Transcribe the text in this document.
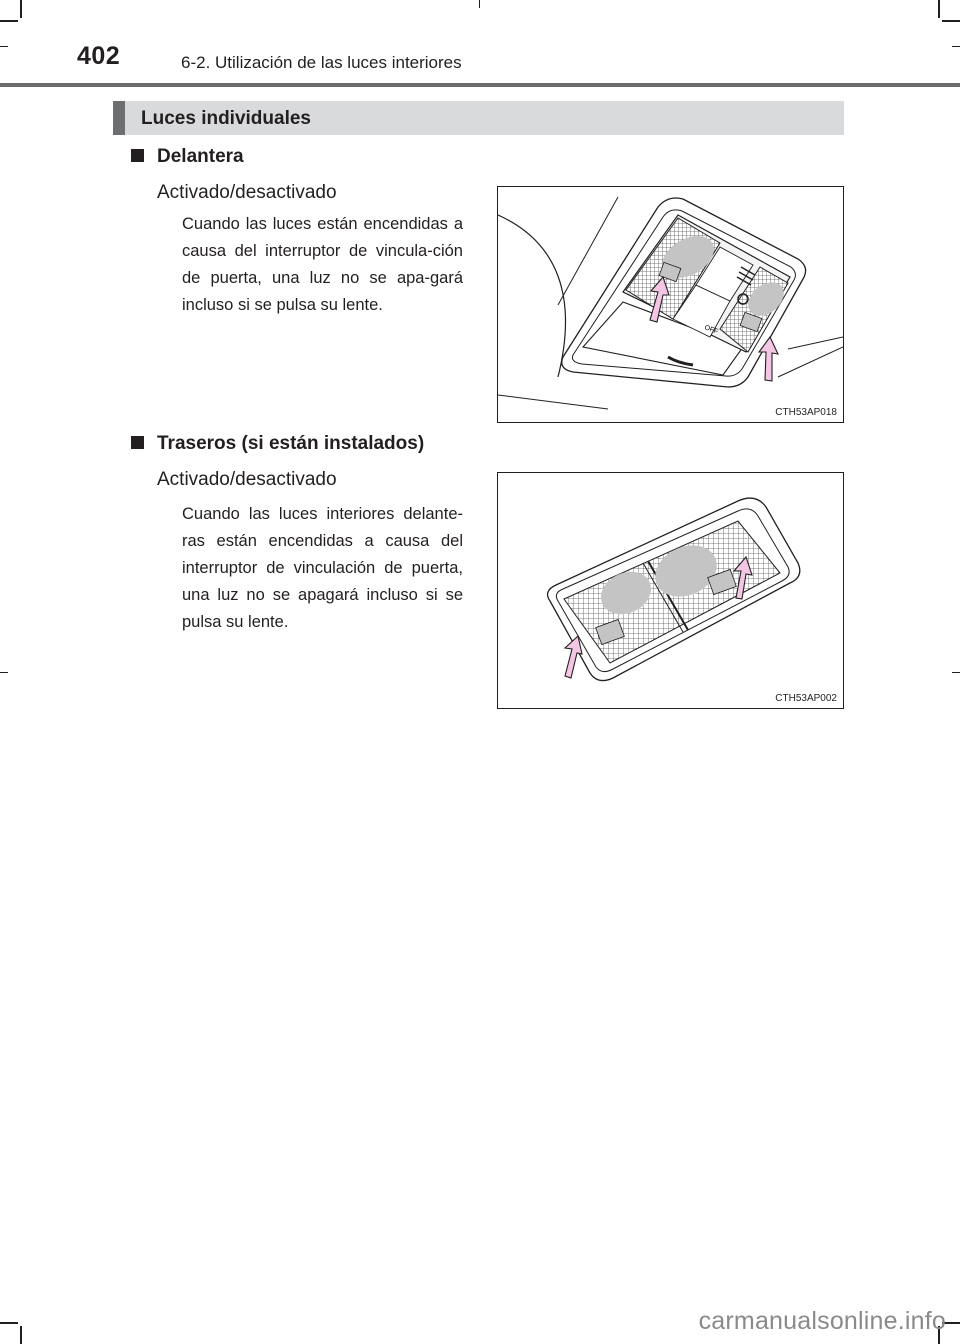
402	6-2. Utilización de las luces interiores
Luces individuales
Delantera
Activado/desactivado
Cuando las luces están encendidas a causa del interruptor de vincula-ción de puerta, una luz no se apa-gará incluso si se pulsa su lente.
OFF
CTH53AP018
Traseros (si están instalados)
Activado/desactivado
Cuando las luces interiores delante-ras están encendidas a causa del interruptor de vinculación de puerta, una luz no se apagará incluso si se pulsa su lente.
CTH53AP002
carmanualsonline.info
